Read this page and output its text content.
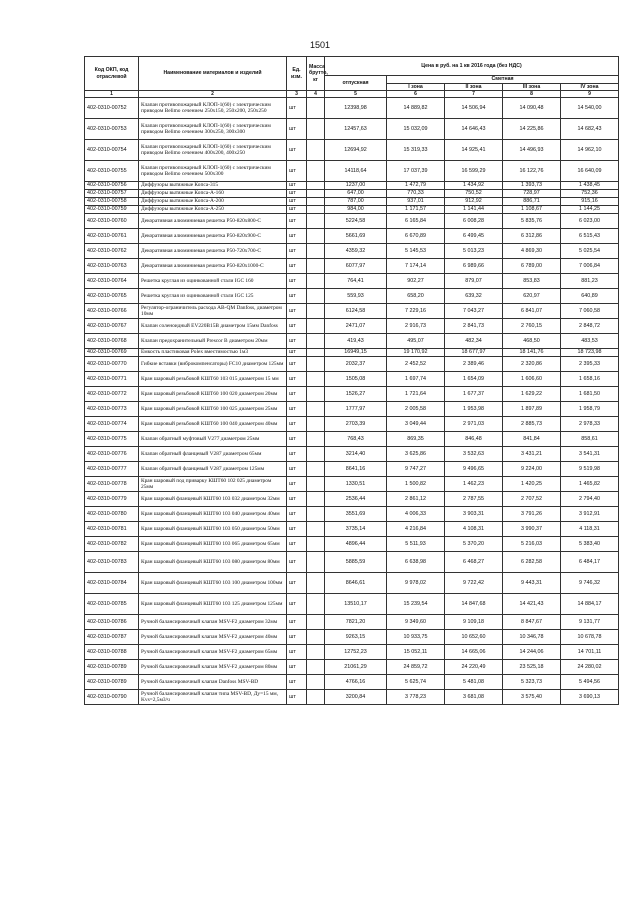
1501
Код ОКП, код отраслевой	Наименование материалов и изделий	Ед. изм.	Масса брутто, кг	Цена в руб. на 1 кв 2016 года (без НДС)				
				отпускная	Сметная			
					I зона	II зона	III зона	IV зона
1	2	3	4	5	6	7	8	9
402-0310-00752	Клапан противопожарный КЛОП-1(60) с электрическим приводом Belimo сечением 250х150, 250х200, 250х250	шт		12398,98	14 889,82	14 506,94	14 090,48	14 540,00
402-0310-00753	Клапан противопожарный КЛОП-1(60) с электрическим приводом Belimo сечением 300х250, 300х300	шт		12457,63	15 032,09	14 646,43	14 225,86	14 682,43
402-0310-00754	Клапан противопожарный КЛОП-1(60) с электрическим приводом Belimo сечением 400х200, 400х250	шт		12694,92	15 319,33	14 925,41	14 496,93	14 962,10
402-0310-00755	Клапан противопожарный КЛОП-1(60) с электрическим приводом Belimo сечением 500х300	шт		14118,64	17 037,39	16 599,29	16 122,76	16 640,09
402-0310-00756	Диффузоры вытяжные Копса-315	шт		1237,00	1 472,79	1 434,92	1 393,73	1 438,45
402-0310-00757	Диффузоры вытяжные Копса-А-160	шт		647,00	770,33	750,52	728,97	752,36
402-0310-00758	Диффузоры вытяжные Копса-А-200	шт		787,00	937,01	912,92	886,71	915,16
402-0310-00759	Диффузоры вытяжные Копса-А-250	шт		984,00	1 171,57	1 141,44	1 108,67	1 144,25
402-0310-00760	Декоративная алюминиевая решетка Р50-820х800-С	шт		5224,58	6 165,84	6 008,28	5 835,76	6 023,00
402-0310-00761	Декоративная алюминиевая решетка Р50-820х900-С	шт		5661,69	6 670,89	6 499,45	6 312,86	6 515,43
402-0310-00762	Декоративная алюминиевая решетка Р50-720х700-С	шт		4359,32	5 145,53	5 013,23	4 869,30	5 025,54
402-0310-00763	Декоративная алюминиевая решетка Р50-820х1000-С	шт		6077,97	7 174,14	6 989,66	6 789,00	7 006,84
402-0310-00764	Решетка круглая из оцинкованной стали IGC 160	шт		764,41	902,27	879,07	853,83	881,23
402-0310-00765	Решетка круглая из оцинкованной стали IGC 125	шт		559,93	658,20	639,32	620,97	640,89
402-0310-00766	Регулятор-ограничитель расхода AB-QM Danfoss, диаметром 10мм	шт		6124,58	7 229,16	7 043,27	6 841,07	7 060,58
402-0310-00767	Клапан соленоидный EV220B15B диаметром 15мм Danfoss	шт		2471,07	2 916,73	2 841,73	2 760,15	2 848,72
402-0310-00768	Клапан предохранительный Prescor В диаметром 20мм	шт		419,43	495,07	482,34	468,50	483,53
402-0310-00769	Емкость пластиковая Polex вместимостью 1м3	шт		16949,15	19 170,92	18 677,97	18 141,76	18 723,98
402-0310-00770	Гибкие вставки (виброкомпенсаторы) FC10 диаметром 125мм	шт		2032,37	2 452,52	2 389,46	2 320,86	2 395,33
402-0310-00771	Кран шаровый резьбовой КШТ60 103 015 диаметром 15 мм	шт		1505,08	1 697,74	1 654,09	1 606,60	1 658,16
402-0310-00772	Кран шаровый резьбовой КШТ60 100 020 диаметром 20мм	шт		1526,27	1 721,64	1 677,37	1 629,22	1 681,50
402-0310-00773	Кран шаровый резьбовой КШТ60 100 025 диаметром 25мм	шт		1777,97	2 005,58	1 953,98	1 897,89	1 958,79
402-0310-00774	Кран шаровый резьбовой КШТ60 100 040 диаметром 40мм	шт		2703,39	3 049,44	2 971,03	2 885,73	2 978,33
402-0310-00775	Клапан обратный муфтовый V277 диаметром 25мм	шт		768,43	869,35	846,48	841,84	858,61
402-0310-00776	Клапан обратный фланцевый V287 диаметром 65мм	шт		3214,40	3 625,86	3 532,63	3 431,21	3 541,31
402-0310-00777	Клапан обратный фланцевый V287 диаметром 125мм	шт		8641,16	9 747,27	9 496,65	9 224,00	9 519,98
402-0310-00778	Кран шаровый под приварку КШТ60 102 025 диаметром 25мм	шт		1330,51	1 500,82	1 462,23	1 420,25	1 465,82
402-0310-00779	Кран шаровый фланцевый КШТ60 103 032 диаметром 32мм	шт		2536,44	2 861,12	2 787,55	2 707,52	2 794,40
402-0310-00780	Кран шаровый фланцевый КШТ60 103 040 диаметром 40мм	шт		3551,69	4 006,33	3 903,31	3 791,26	3 912,91
402-0310-00781	Кран шаровый фланцевый КШТ60 103 050 диаметром 50мм	шт		3735,14	4 216,84	4 108,31	3 990,37	4 118,31
402-0310-00782	Кран шаровый фланцевый КШТ60 103 065 диаметром 65мм	шт		4896,44	5 511,93	5 370,20	5 216,03	5 383,40
402-0310-00783	Кран шаровый фланцевый КШТ60 103 080 диаметром 80мм	шт		5885,59	6 638,98	6 468,27	6 282,58	6 484,17
402-0310-00784	Кран шаровый фланцевый КШТ60 103 100 диаметром 100мм	шт		8646,61	9 978,02	9 722,42	9 443,31	9 746,32
402-0310-00785	Кран шаровый фланцевый КШТ60 103 125 диаметром 125мм	шт		13510,17	15 239,54	14 847,68	14 421,43	14 884,17
402-0310-00786	Ручной балансировочный клапан MSV-F2 диаметром 32мм	шт		7821,20	9 349,60	9 109,18	8 847,67	9 131,77
402-0310-00787	Ручной балансировочный клапан MSV-F2 диаметром 40мм	шт		9263,15	10 933,75	10 652,60	10 346,78	10 678,78
402-0310-00788	Ручной балансировочный клапан MSV-F2 диаметром 65мм	шт		12752,23	15 052,11	14 665,06	14 244,06	14 701,11
402-0310-00789	Ручной балансировочный клапан MSV-F2 диаметром 80мм	шт		21061,29	24 859,72	24 220,49	23 525,18	24 280,02
402-0310-00789	Ручной балансировочный клапан Danfoss MSV-BD	шт		4766,16	5 625,74	5 481,08	5 323,73	5 494,56
402-0310-00790	Ручной балансировочный клапан типа MSV-BD, Ду=15 мм, Kvs=2,5м3/ч	шт		3200,84	3 778,23	3 681,08	3 575,40	3 690,13
